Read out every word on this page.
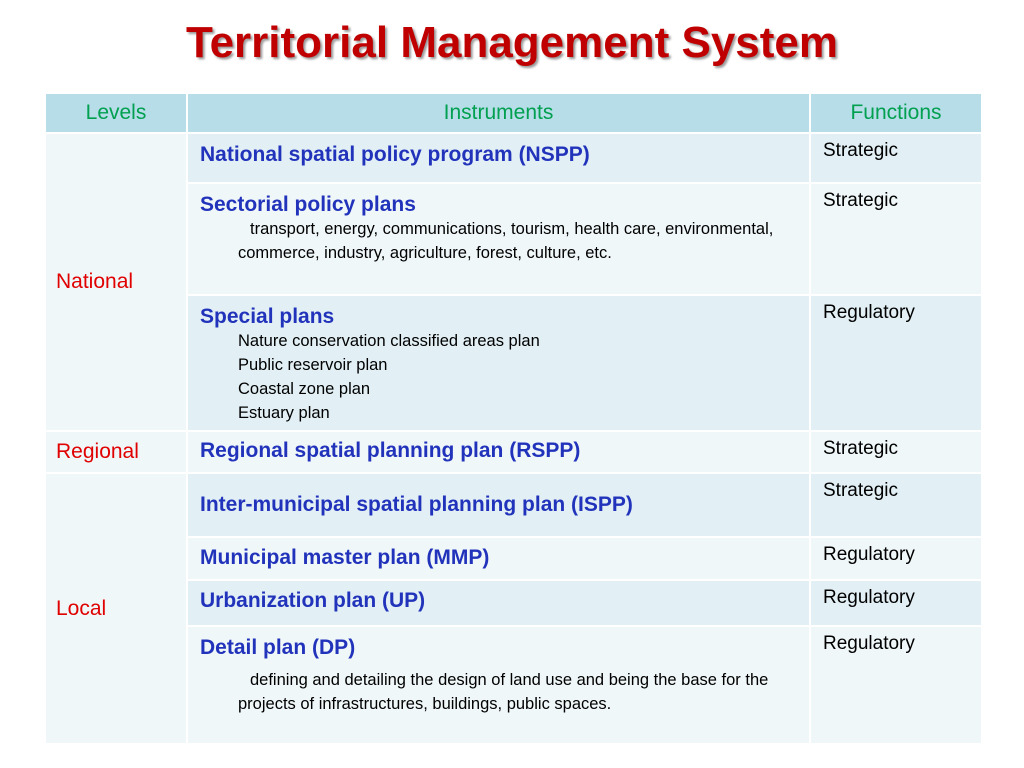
Territorial Management System
Levels	Instruments	Functions
National	National spatial policy program (NSPP)	Strategic

	Sectorial policy plans
transport, energy, communications, tourism, health care, environmental, commerce, industry, agriculture, forest, culture, etc.	Strategic

	Special plans
Nature conservation classified areas plan
Public reservoir plan
Coastal zone plan
Estuary plan	Regulatory
Regional	Regional spatial planning plan (RSPP)	Strategic
Local	Inter-municipal spatial planning plan (ISPP)	Strategic
	Municipal master plan (MMP)	Regulatory
	Urbanization plan (UP)	Regulatory

	Detail plan (DP)
defining and detailing the design of land use and being the base for the projects of infrastructures, buildings, public spaces.	Regulatory
